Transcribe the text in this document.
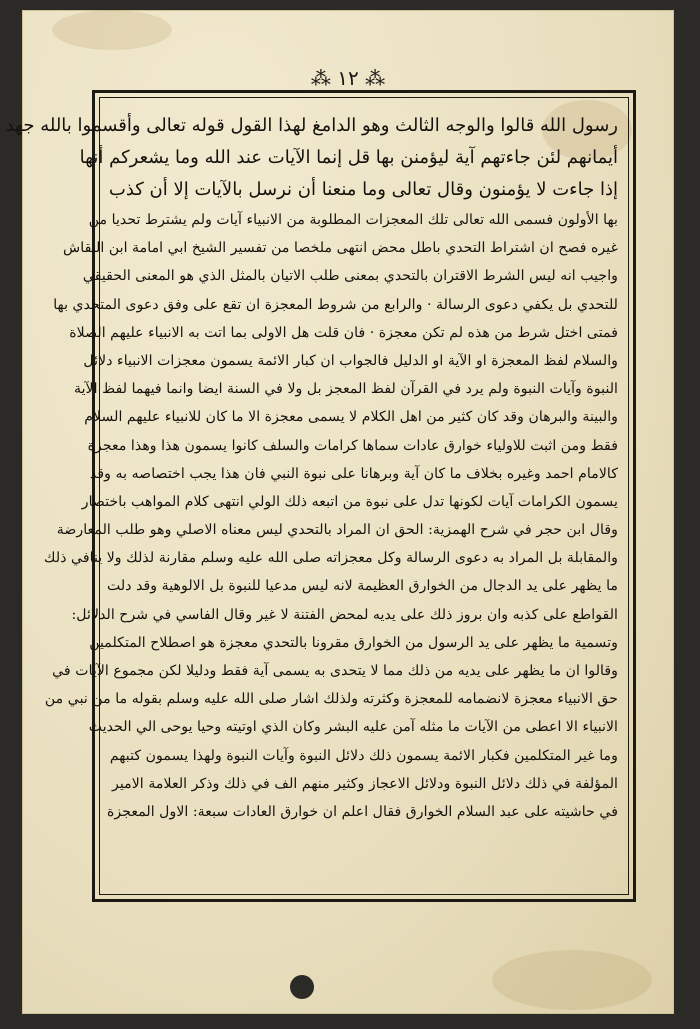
⁂ ١٢ ⁂
رسول الله قالوا والوجه الثالث وهو الدامغ لهذا القول قوله تعالى وأقسموا بالله جهد
أيمانهم لئن جاءتهم آية ليؤمنن بها قل إنما الآيات عند الله وما يشعركم أنها
إذا جاءت لا يؤمنون وقال تعالى وما منعنا أن نرسل بالآيات إلا أن كذب
بها الأولون فسمى الله تعالى تلك المعجزات المطلوبة من الانبياء آيات ولم يشترط تحديا من
غيره فصح ان اشتراط التحدي باطل محض انتهى ملخصا من تفسير الشيخ ابي امامة ابن النقاش
واجيب انه ليس الشرط الاقتران بالتحدي بمعنى طلب الاتيان بالمثل الذي هو المعنى الحقيقي
للتحدي بل يكفي دعوى الرسالة · والرابع من شروط المعجزة ان تقع على وفق دعوى المتحدي بها
فمتى اختل شرط من هذه لم تكن معجزة · فان قلت هل الاولى بما اتت به الانبياء عليهم الصلاة
والسلام لفظ المعجزة او الآية او الدليل فالجواب ان كبار الائمة يسمون معجزات الانبياء دلائل
النبوة وآيات النبوة ولم يرد في القرآن لفظ المعجز بل ولا في السنة ايضا وانما فيهما لفظ الآية
والبينة والبرهان وقد كان كثير من اهل الكلام لا يسمى معجزة الا ما كان للانبياء عليهم السلام
فقط ومن اثبت للاولياء خوارق عادات سماها كرامات والسلف كانوا يسمون هذا وهذا معجزة
كالامام احمد وغيره بخلاف ما كان آية وبرهانا على نبوة النبي فان هذا يجب اختصاصه به وقد
يسمون الكرامات آيات لكونها تدل على نبوة من اتبعه ذلك الولي انتهى كلام المواهب باختصار
وقال ابن حجر في شرح الهمزية: الحق ان المراد بالتحدي ليس معناه الاصلي وهو طلب المعارضة
والمقابلة بل المراد به دعوى الرسالة وكل معجزاته صلى الله عليه وسلم مقارنة لذلك ولا ينافي ذلك
ما يظهر على يد الدجال من الخوارق العظيمة لانه ليس مدعيا للنبوة بل الالوهية وقد دلت
القواطع على كذبه وان بروز ذلك على يديه لمحض الفتنة لا غير وقال الفاسي في شرح الدلائل:
وتسمية ما يظهر على يد الرسول من الخوارق مقرونا بالتحدي معجزة هو اصطلاح المتكلمين
وقالوا ان ما يظهر على يديه من ذلك مما لا يتحدى به يسمى آية فقط ودليلا لكن مجموع الآيات في
حق الانبياء معجزة لانضمامه للمعجزة وكثرته ولذلك اشار صلى الله عليه وسلم بقوله ما من نبي من
الانبياء الا اعطى من الآيات ما مثله آمن عليه البشر وكان الذي اوتيته وحيا يوحى الي الحديث
وما غير المتكلمين فكبار الائمة يسمون ذلك دلائل النبوة وآيات النبوة ولهذا يسمون كتبهم
المؤلفة في ذلك دلائل النبوة ودلائل الاعجاز وكثير منهم الف في ذلك وذكر العلامة الامير
في حاشيته على عبد السلام الخوارق فقال اعلم ان خوارق العادات سبعة: الاول المعجزة
